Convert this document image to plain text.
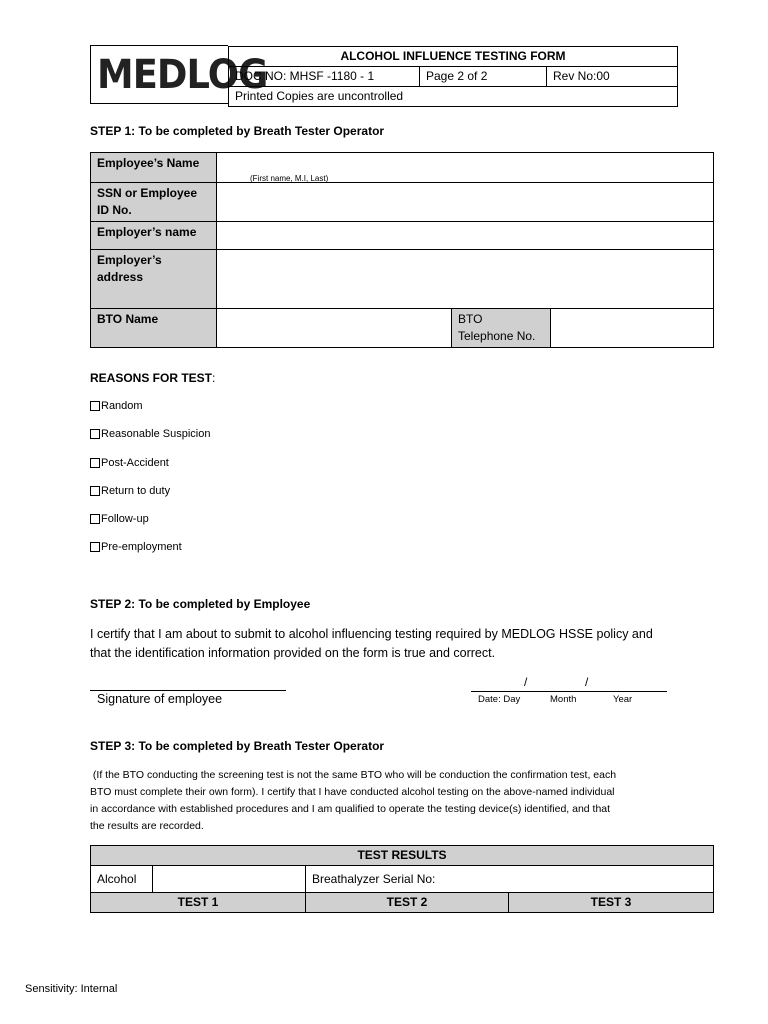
MEDLOG	ALCOHOL INFLUENCE TESTING FORM
DOC NO: MHSF -1180 - 1	Page 2 of 2	Rev No:00
Printed Copies are uncontrolled
STEP 1: To be completed by Breath Tester Operator
Employee’s Name	(First name, M.I, Last)		

SSN or Employee ID No.			
Employer’s name			
Employer’s address			
BTO Name		BTO
Telephone No.	

REASONS FOR TEST:
Random
Reasonable Suspicion
Post-Accident
Return to duty
Follow-up
Pre-employment
STEP 2: To be completed by Employee
I certify that I am about to submit to alcohol influencing testing required by MEDLOG HSSE policy and
that the identification information provided on the form is true and correct.
Signature of employee
/	/
Date: Day	Month	Year
STEP 3: To be completed by Breath Tester Operator
(If the BTO conducting the screening test is not the same BTO who will be conduction the confirmation test, each
BTO must complete their own form). I certify that I have conducted alcohol testing on the above-named individual
in accordance with established procedures and I am qualified to operate the testing device(s) identified, and that
the results are recorded.
TEST RESULTS			
Alcohol		Breathalyzer Serial No:	
TEST 1		TEST 2	TEST 3
Sensitivity: Internal
